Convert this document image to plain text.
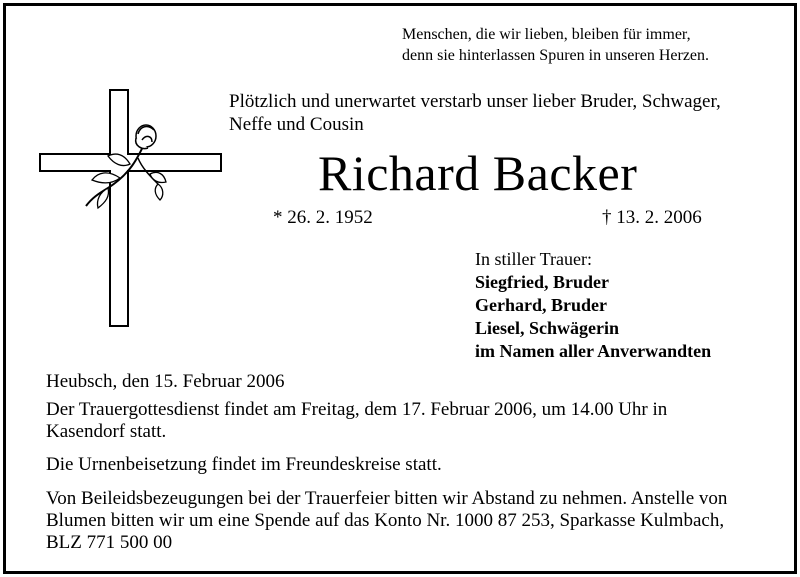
Menschen, die wir lieben, bleiben für immer,
denn sie hinterlassen Spuren in unseren Herzen.
Plötzlich und unerwartet verstarb unser lieber Bruder, Schwager,
Neffe und Cousin
Richard Backer
* 26. 2. 1952	† 13. 2. 2006
In stiller Trauer:
Siegfried, Bruder
Gerhard, Bruder
Liesel, Schwägerin
im Namen aller Anverwandten
Heubsch, den 15. Februar 2006
Der Trauergottesdienst findet am Freitag, dem 17. Februar 2006, um 14.00 Uhr in Kasendorf statt.
Die Urnenbeisetzung findet im Freundeskreise statt.
Von Beileidsbezeugungen bei der Trauerfeier bitten wir Abstand zu nehmen. Anstelle von Blumen bitten wir um eine Spende auf das Konto Nr. 1000 87 253, Sparkasse Kulmbach, BLZ 771 500 00
